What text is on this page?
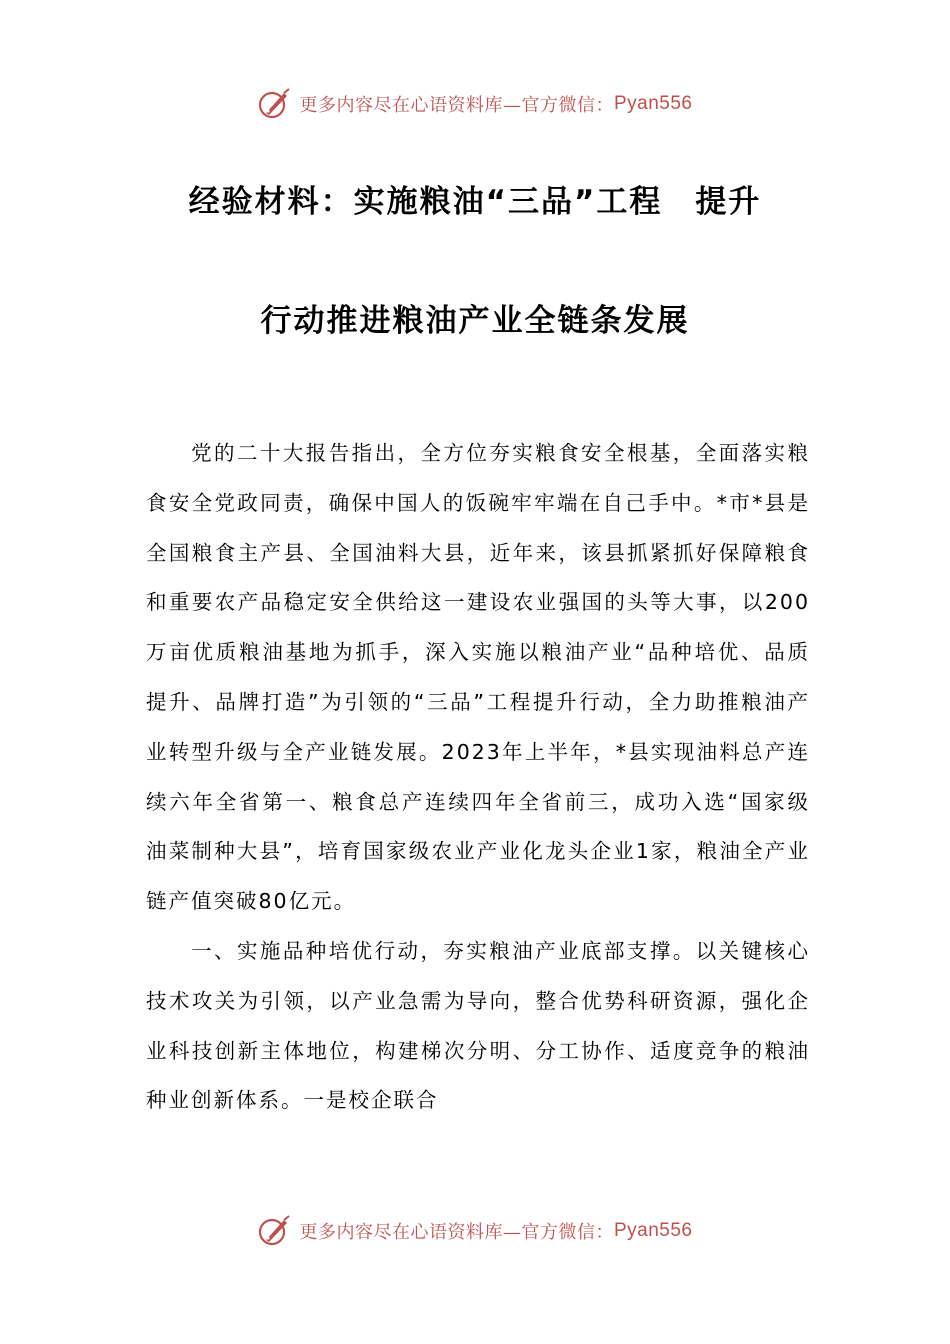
更多内容尽在心语资料库—官方微信： Pyan556
经验材料：实施粮油“三品”工程　提升
行动推进粮油产业全链条发展

党的二十大报告指出，全方位夯实粮食安全根基，全面落实粮食安全党政同责，确保中国人的饭碗牢牢端在自己手中。*市*县是全国粮食主产县、全国油料大县，近年来，该县抓紧抓好保障粮食和重要农产品稳定安全供给这一建设农业强国的头等大事，以200万亩优质粮油基地为抓手，深入实施以粮油产业“品种培优、品质提升、品牌打造”为引领的“三品”工程提升行动，全力助推粮油产业转型升级与全产业链发展。2023年上半年，*县实现油料总产连续六年全省第一、粮食总产连续四年全省前三，成功入选“国家级油菜制种大县”，培育国家级农业产业化龙头企业1家，粮油全产业链产值突破80亿元。

一、实施品种培优行动，夯实粮油产业底部支撑。以关键核心技术攻关为引领，以产业急需为导向，整合优势科研资源，强化企业科技创新主体地位，构建梯次分明、分工协作、适度竞争的粮油种业创新体系。一是校企联合

更多内容尽在心语资料库—官方微信： Pyan556
